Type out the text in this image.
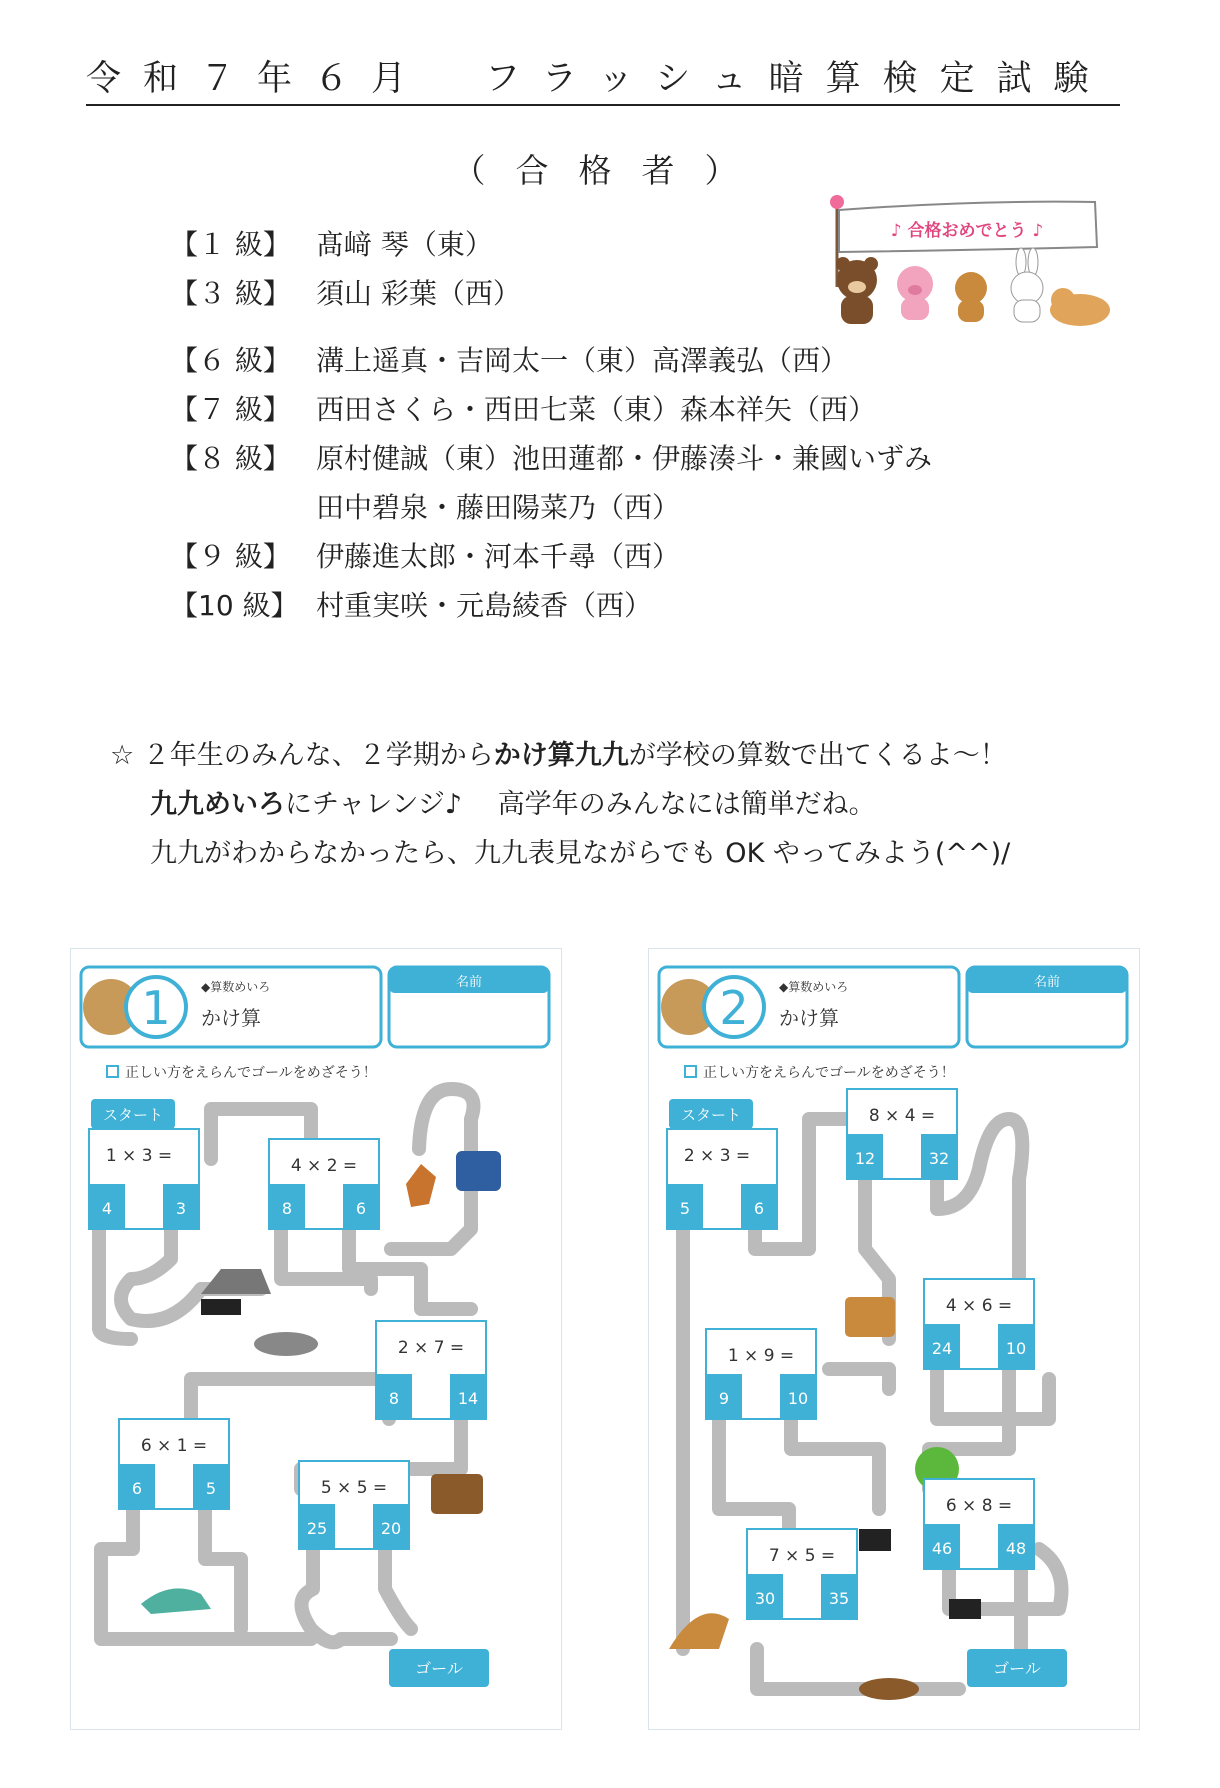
令和７年６月　フラッシュ暗算検定試験
（合格者）
【１ 級】 髙﨑 琴（東）
【３ 級】 須山 彩葉（西）
【６ 級】 溝上遥真・吉岡太一（東）高澤義弘（西）
【７ 級】 西田さくら・西田七菜（東）森本祥矢（西）
【８ 級】 原村健誠（東）池田蓮都・伊藤湊斗・兼國いずみ
田中碧泉・藤田陽菜乃（西）
【９ 級】 伊藤進太郎・河本千尋（西）
【10 級】 村重実咲・元島綾香（西）
♪ 合格おめでとう ♪
☆ ２年生のみんな、２学期からかけ算九九が学校の算数で出てくるよ～！
九九めいろにチャレンジ♪　 高学年のみんなには簡単だね。
九九がわからなかったら、九九表見ながらでも OK やってみよう(^^)/
1	◆算数めいろ
かけ算
名前
正しい方をえらんでゴールをめざそう！
スタート
1 × 3 =
4	3
4 × 2 =
8	6
2 × 7 =
8	14
6 × 1 =
6	5	5 × 5 =
25	20
ゴール
2	◆算数めいろ
かけ算
名前
正しい方をえらんでゴールをめざそう！
スタート
2 × 3 =
5	6
8 × 4 =
12	32
4 × 6 =
24	10
1 × 9 =
9	10
6 × 8 =
46	48
7 × 5 =
30	35
ゴール
